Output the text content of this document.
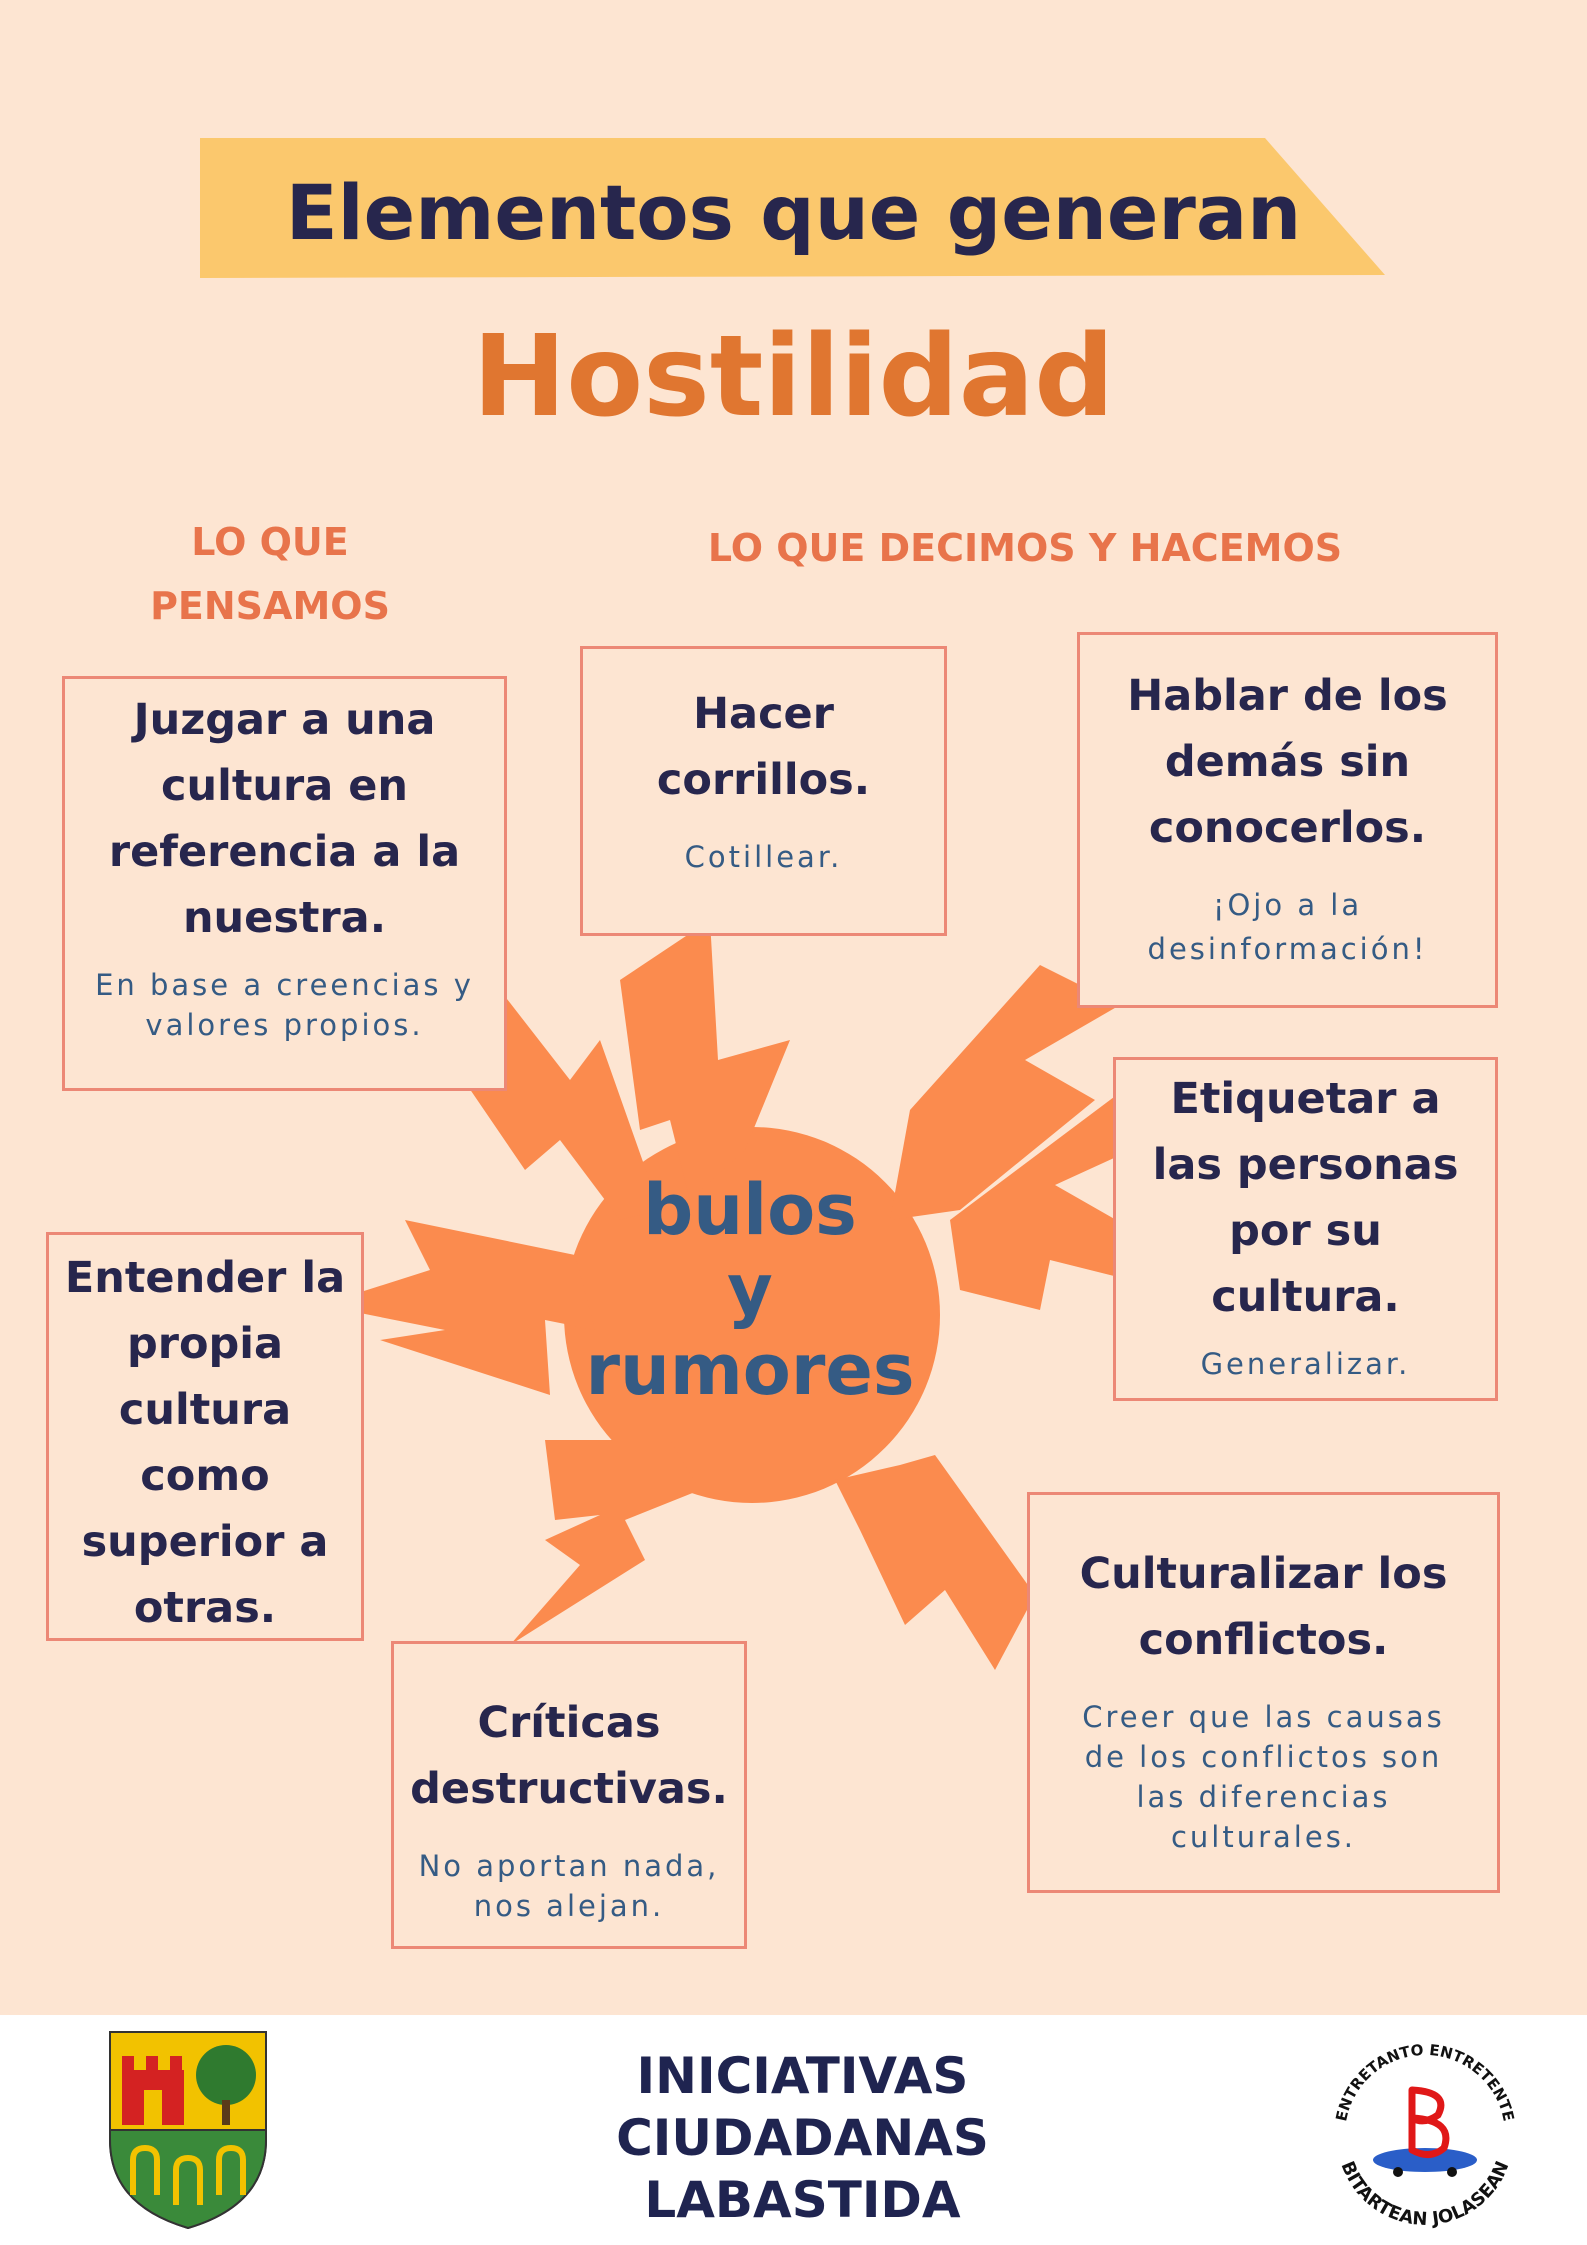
Elementos que generan
Hostilidad
LO QUE
PENSAMOS
LO QUE DECIMOS Y HACEMOS
bulos
y
rumores
Juzgar a una
cultura en
referencia a la
nuestra.
En base a creencias y
valores propios.
Hacer
corrillos.
Cotillear.
Hablar de los
demás sin
conocerlos.
¡Ojo a la
desinformación!
Etiquetar a
las personas
por su
cultura.
Generalizar.
Entender la
propia
cultura
como
superior a
otras.
Críticas
destructivas.
No aportan nada,
nos alejan.
Culturalizar los
conflictos.
Creer que las causas
de los conflictos son
las diferencias
culturales.
INICIATIVAS
CIUDADANAS
LABASTIDA
ENTRETANTO ENTRETENTE
BITARTEAN JOLASEAN
